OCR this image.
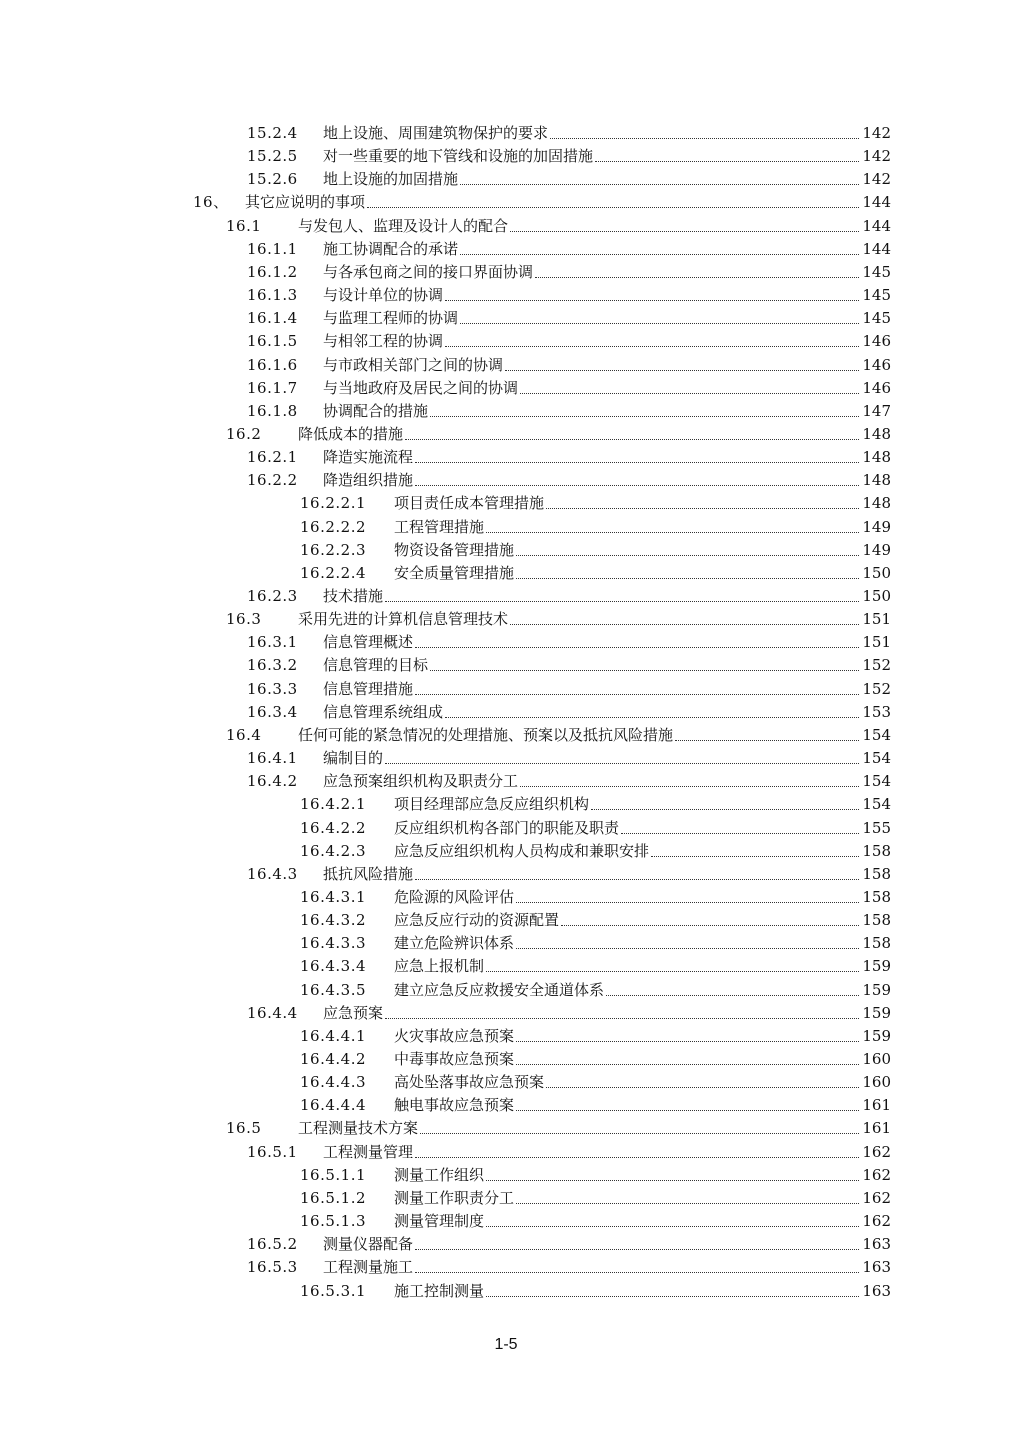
15.2.4	地上设施、周围建筑物保护的要求	142
15.2.5	对一些重要的地下管线和设施的加固措施	142
15.2.6	地上设施的加固措施	142
16、	其它应说明的事项	144
16.1	与发包人、监理及设计人的配合	144
16.1.1	施工协调配合的承诺	144
16.1.2	与各承包商之间的接口界面协调	145
16.1.3	与设计单位的协调	145
16.1.4	与监理工程师的协调	145
16.1.5	与相邻工程的协调	146
16.1.6	与市政相关部门之间的协调	146
16.1.7	与当地政府及居民之间的协调	146
16.1.8	协调配合的措施	147
16.2	降低成本的措施	148
16.2.1	降造实施流程	148
16.2.2	降造组织措施	148
16.2.2.1	项目责任成本管理措施	148
16.2.2.2	工程管理措施	149
16.2.2.3	物资设备管理措施	149
16.2.2.4	安全质量管理措施	150
16.2.3	技术措施	150
16.3	采用先进的计算机信息管理技术	151
16.3.1	信息管理概述	151
16.3.2	信息管理的目标	152
16.3.3	信息管理措施	152
16.3.4	信息管理系统组成	153
16.4	任何可能的紧急情况的处理措施、预案以及抵抗风险措施	154
16.4.1	编制目的	154
16.4.2	应急预案组织机构及职责分工	154
16.4.2.1	项目经理部应急反应组织机构	154
16.4.2.2	反应组织机构各部门的职能及职责	155
16.4.2.3	应急反应组织机构人员构成和兼职安排	158
16.4.3	抵抗风险措施	158
16.4.3.1	危险源的风险评估	158
16.4.3.2	应急反应行动的资源配置	158
16.4.3.3	建立危险辨识体系	158
16.4.3.4	应急上报机制	159
16.4.3.5	建立应急反应救援安全通道体系	159
16.4.4	应急预案	159
16.4.4.1	火灾事故应急预案	159
16.4.4.2	中毒事故应急预案	160
16.4.4.3	高处坠落事故应急预案	160
16.4.4.4	触电事故应急预案	161
16.5	工程测量技术方案	161
16.5.1	工程测量管理	162
16.5.1.1	测量工作组织	162
16.5.1.2	测量工作职责分工	162
16.5.1.3	测量管理制度	162
16.5.2	测量仪器配备	163
16.5.3	工程测量施工	163
16.5.3.1	施工控制测量	163
1-5
